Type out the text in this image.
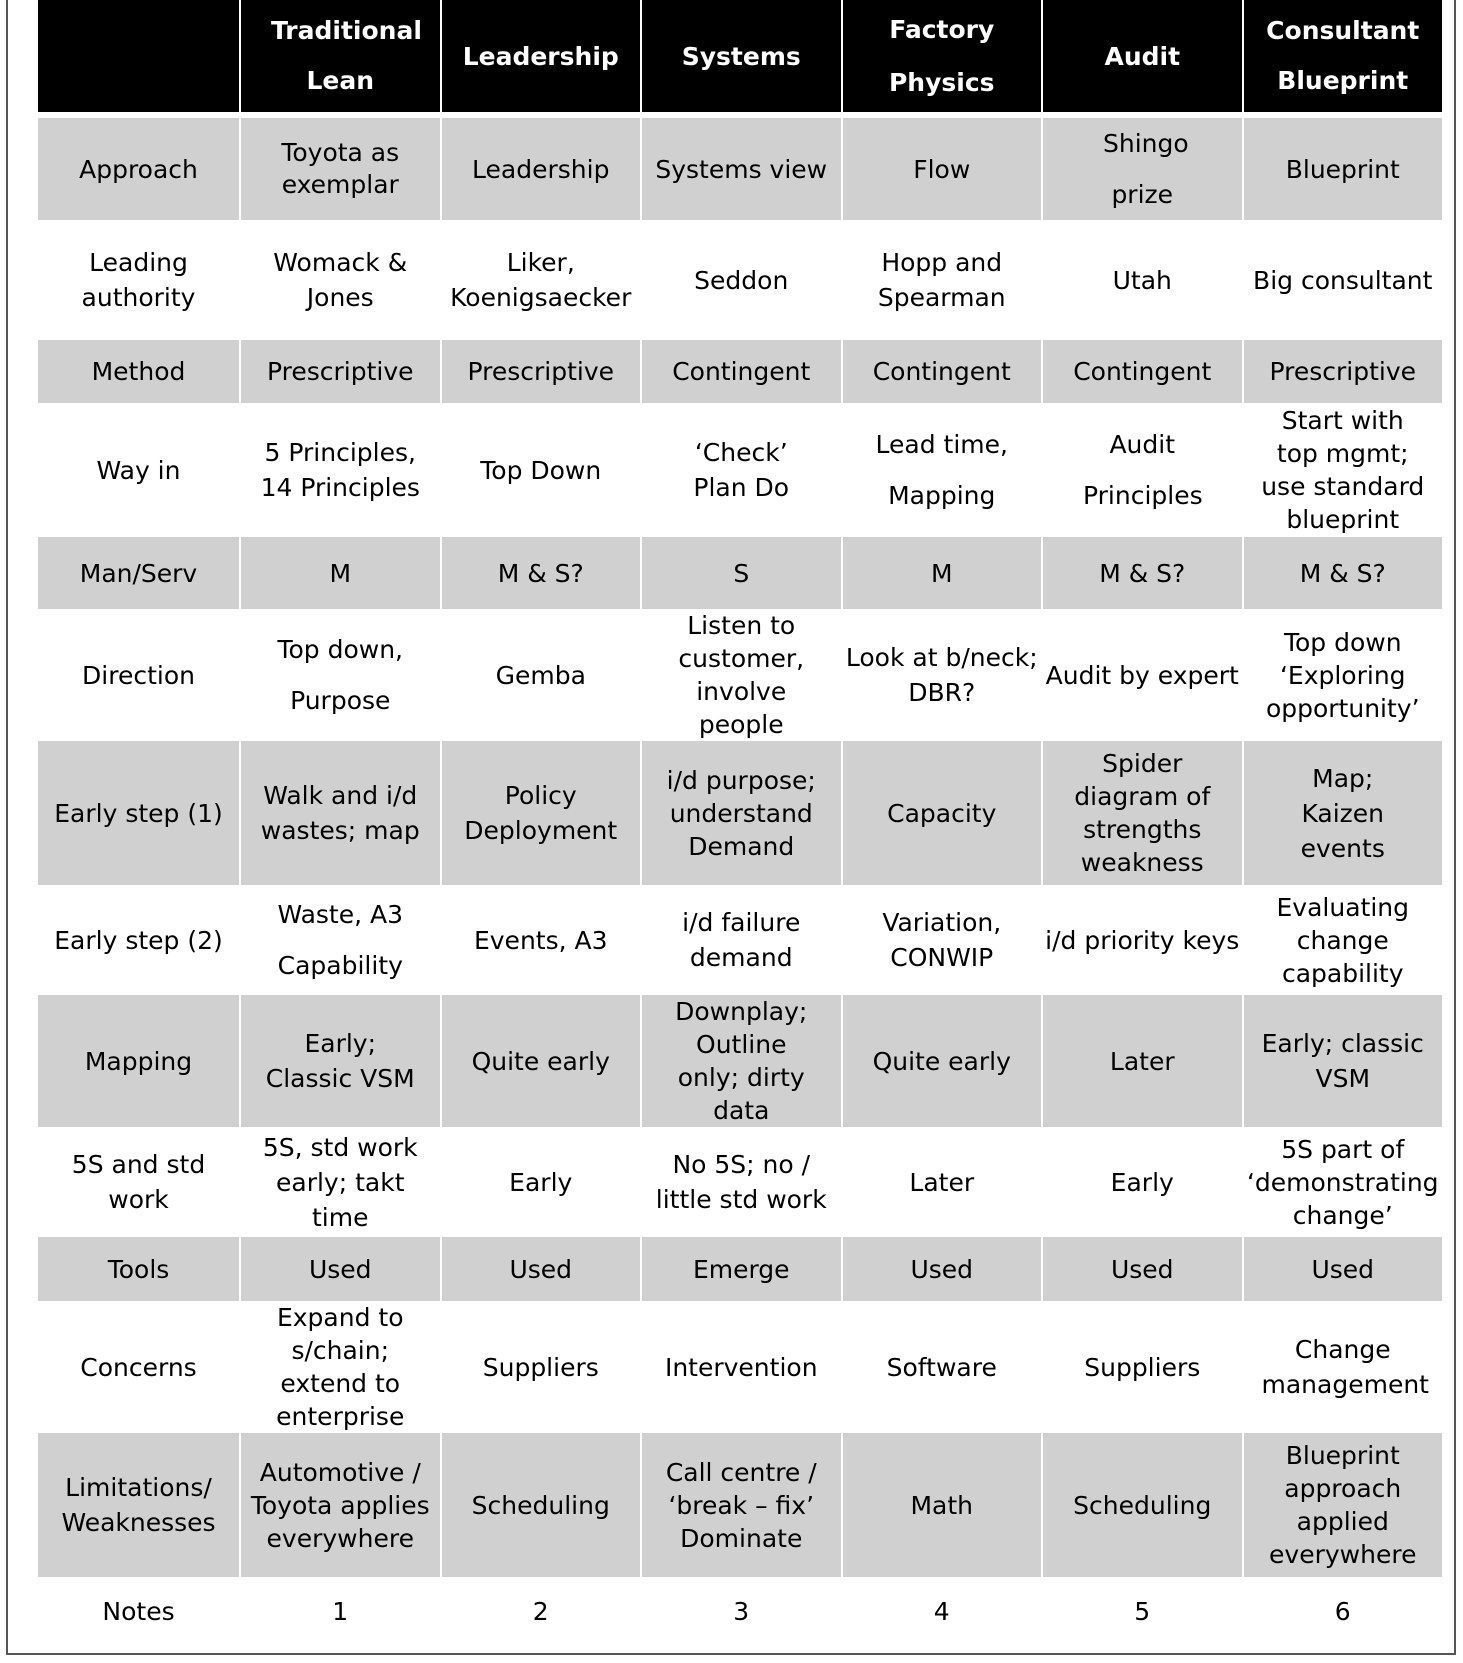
	Traditional Lean	Leadership	Systems	Factory Physics	Audit	Consultant Blueprint

Approach	Toyota as exemplar	Leadership	Systems view	Flow	Shingo prize	Blueprint
Leading authority	Womack & Jones	Liker, Koenigsaecker	Seddon	Hopp and Spearman	Utah	Big consultant
Method	Prescriptive	Prescriptive	Contingent	Contingent	Contingent	Prescriptive
Way in	5 Principles, 14 Principles	Top Down	‘Check’ Plan Do	Lead time, Mapping	Audit Principles	Start with top mgmt; use standard blueprint
Man/Serv	M	M & S?	S	M	M & S?	M & S?
Direction	Top down, Purpose	Gemba	Listen to customer, involve people	Look at b/neck; DBR?	Audit by expert	Top down ‘Exploring opportunity’
Early step (1)	Walk and i/d wastes; map	Policy Deployment	i/d purpose; understand Demand	Capacity	Spider diagram of strengths weakness	Map; Kaizen events
Early step (2)	Waste, A3 Capability	Events, A3	i/d failure demand	Variation, CONWIP	i/d priority keys	Evaluating change capability
Mapping	Early; Classic VSM	Quite early	Downplay; Outline only; dirty data	Quite early	Later	Early; classic VSM
5S and std work	5S, std work early; takt time	Early	No 5S; no / little std work	Later	Early	5S part of ‘demonstrating change’
Tools	Used	Used	Emerge	Used	Used	Used
Concerns	Expand to s/chain; extend to enterprise	Suppliers	Intervention	Software	Suppliers	Change management
Limitations/ Weaknesses	Automotive / Toyota applies everywhere	Scheduling	Call centre / ‘break – fix’ Dominate	Math	Scheduling	Blueprint approach applied everywhere
Notes	1	2	3	4	5	6
